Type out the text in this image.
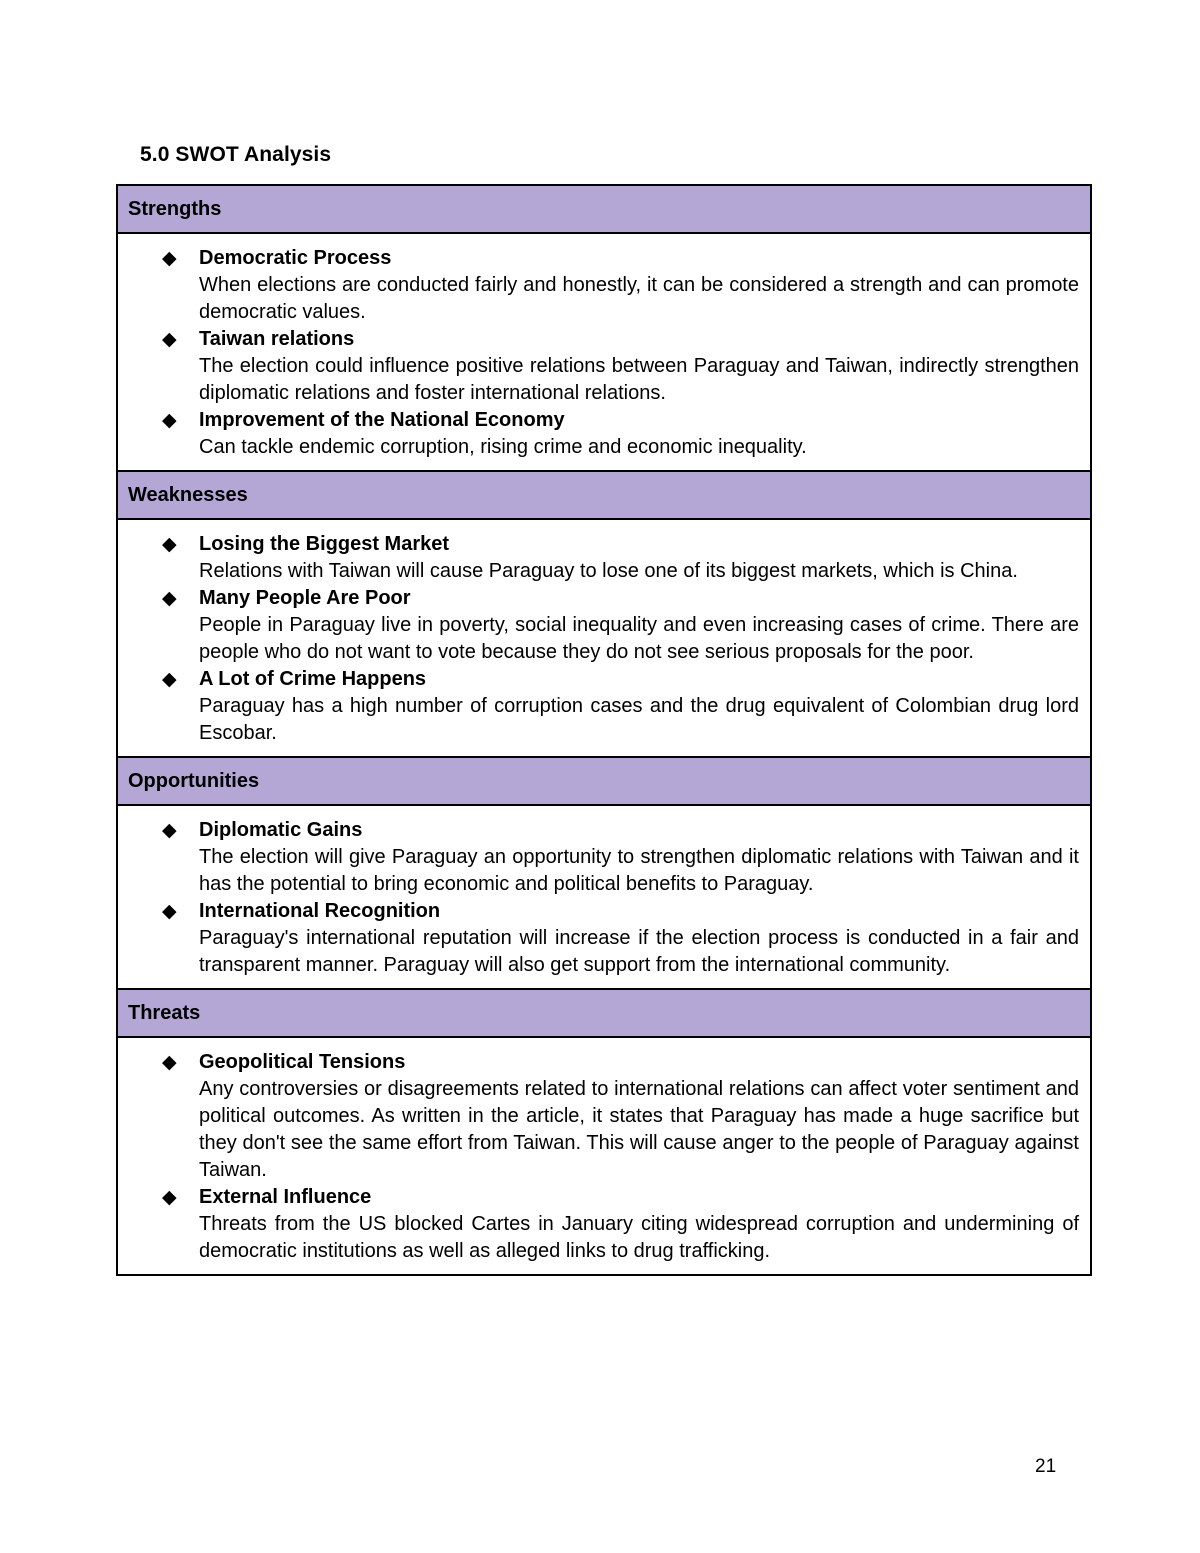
5.0 SWOT Analysis
Strengths
◆ Democratic Process
When elections are conducted fairly and honestly, it can be considered a strength and can promote democratic values.
◆ Taiwan relations
The election could influence positive relations between Paraguay and Taiwan, indirectly strengthen diplomatic relations and foster international relations.
◆ Improvement of the National Economy
Can tackle endemic corruption, rising crime and economic inequality.
Weaknesses
◆ Losing the Biggest Market
Relations with Taiwan will cause Paraguay to lose one of its biggest markets, which is China.
◆ Many People Are Poor
People in Paraguay live in poverty, social inequality and even increasing cases of crime. There are people who do not want to vote because they do not see serious proposals for the poor.
◆ A Lot of Crime Happens
Paraguay has a high number of corruption cases and the drug equivalent of Colombian drug lord Escobar.
Opportunities
◆ Diplomatic Gains
The election will give Paraguay an opportunity to strengthen diplomatic relations with Taiwan and it has the potential to bring economic and political benefits to Paraguay.
◆ International Recognition
Paraguay's international reputation will increase if the election process is conducted in a fair and transparent manner. Paraguay will also get support from the international community.
Threats
◆ Geopolitical Tensions
Any controversies or disagreements related to international relations can affect voter sentiment and political outcomes. As written in the article, it states that Paraguay has made a huge sacrifice but they don't see the same effort from Taiwan. This will cause anger to the people of Paraguay against Taiwan.
◆ External Influence
Threats from the US blocked Cartes in January citing widespread corruption and undermining of democratic institutions as well as alleged links to drug trafficking.
21
